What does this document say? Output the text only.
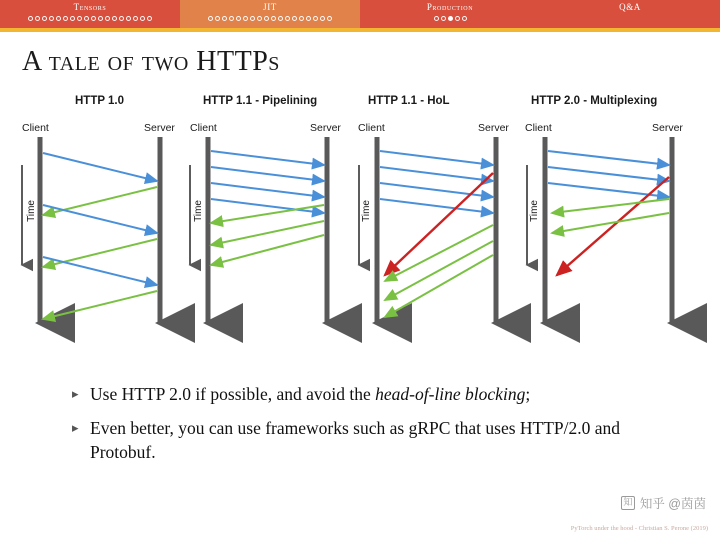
Tensors	JIT	Production	Q&A
A tale of two HTTPs
HTTP 1.0	HTTP 1.1 - Pipelining	HTTP 1.1 - HoL	HTTP 2.0 - Multiplexing
Client	Server Client	Server Client	Server Client	Server
Time	Time	Time	Time
▸ Use HTTP 2.0 if possible, and avoid the head-of-line blocking;
▸ Even better, you can use frameworks such as gRPC that uses HTTP/2.0 and Protobuf.
知 知乎 @茵茵
PyTorch under the hood - Christian S. Perone (2019)
